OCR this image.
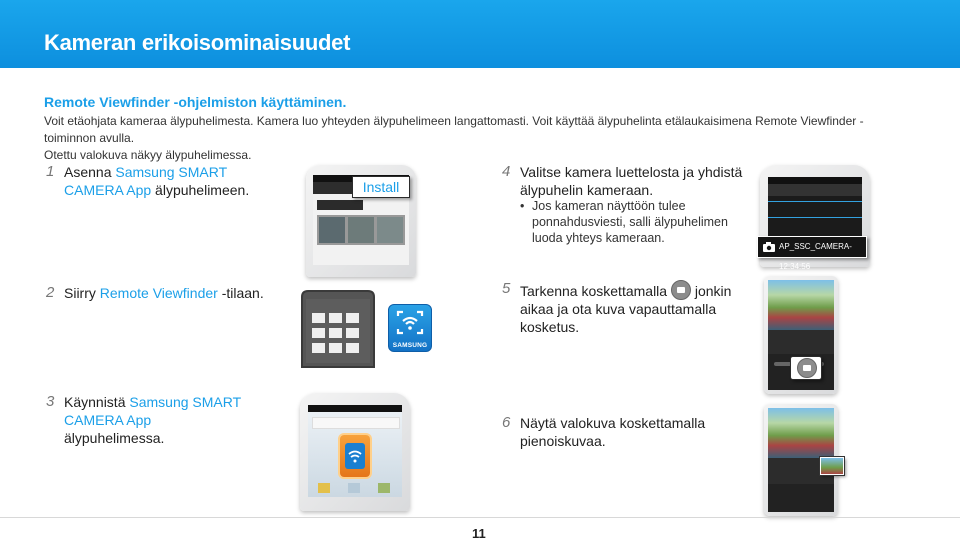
Kameran erikoisominaisuudet
Remote Viewfinder -ohjelmiston käyttäminen.
Voit etäohjata kameraa älypuhelimesta. Kamera luo yhteyden älypuhelimeen langattomasti. Voit käyttää älypuhelinta etälaukaisimena Remote Viewfinder -toiminnon avulla.
Otettu valokuva näkyy älypuhelimessa.
1 Asenna Samsung SMART CAMERA App älypuhelimeen.	Install
2 Siirry Remote Viewfinder -tilaan.
SAMSUNG
3 Käynnistä Samsung SMART CAMERA App älypuhelimessa.
4 Valitse kamera luettelosta ja yhdistä älypuhelin kameraan.
• Jos kameran näyttöön tulee ponnahdusviesti, salli älypuhelimen luoda yhteys kameraan.
AP_SSC_CAMERA-12:34:56
5 Tarkenna koskettamalla  jonkin aikaa ja ota kuva vapauttamalla kosketus.
6 Näytä valokuva koskettamalla pienoiskuvaa.
11
